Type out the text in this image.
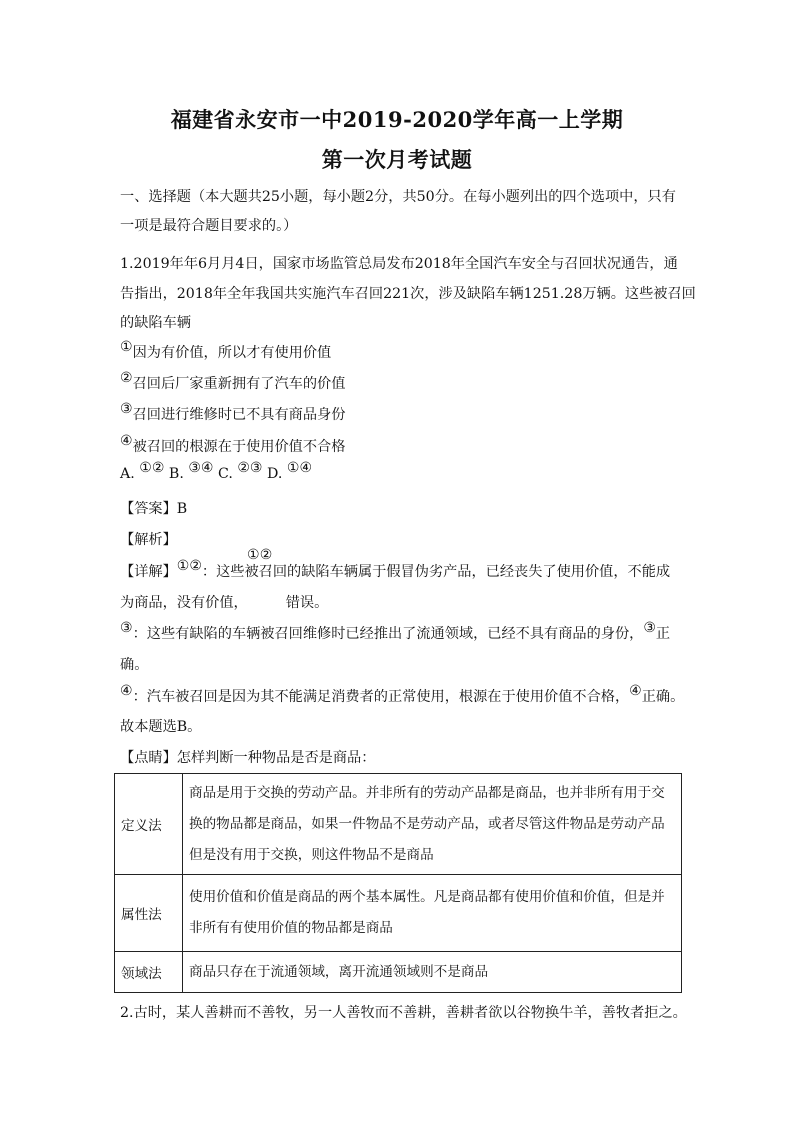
福建省永安市一中2019-2020学年高一上学期
第一次月考试题
一、选择题（本大题共25小题，每小题2分，共50分。在每小题列出的四个选项中，只有
一项是最符合题目要求的。）
1.2019年年6月月4日，国家市场监管总局发布2018年全国汽车安全与召回状况通告，通
告指出，2018年全年我国共实施汽车召回221次，涉及缺陷车辆1251.28万辆。这些被召回
的缺陷车辆
①因为有价值，所以才有使用价值
②召回后厂家重新拥有了汽车的价值
③召回进行维修时已不具有商品身份
④被召回的根源在于使用价值不合格
A. ①② B. ③④ C. ②③ D. ①④
【答案】B
【解析】
【详解】①②：这些被召回的缺陷车辆属于假冒伪劣产品，已经丧失了使用价值，不能成
①②
为商品，没有价值，	错误。
③：这些有缺陷的车辆被召回维修时已经推出了流通领域，已经不具有商品的身份，③正
确。
④：汽车被召回是因为其不能满足消费者的正常使用，根源在于使用价值不合格，④正确。
故本题选B。
【点睛】怎样判断一种物品是否是商品：
定义法	商品是用于交换的劳动产品。并非所有的劳动产品都是商品，也并非所有用于交
换的物品都是商品，如果一件物品不是劳动产品，或者尽管这件物品是劳动产品
但是没有用于交换，则这件物品不是商品

属性法	使用价值和价值是商品的两个基本属性。凡是商品都有使用价值和价值，但是并
非所有有使用价值的物品都是商品

领域法	商品只存在于流通领域，离开流通领域则不是商品
2.古时，某人善耕而不善牧，另一人善牧而不善耕，善耕者欲以谷物换牛羊，善牧者拒之。
